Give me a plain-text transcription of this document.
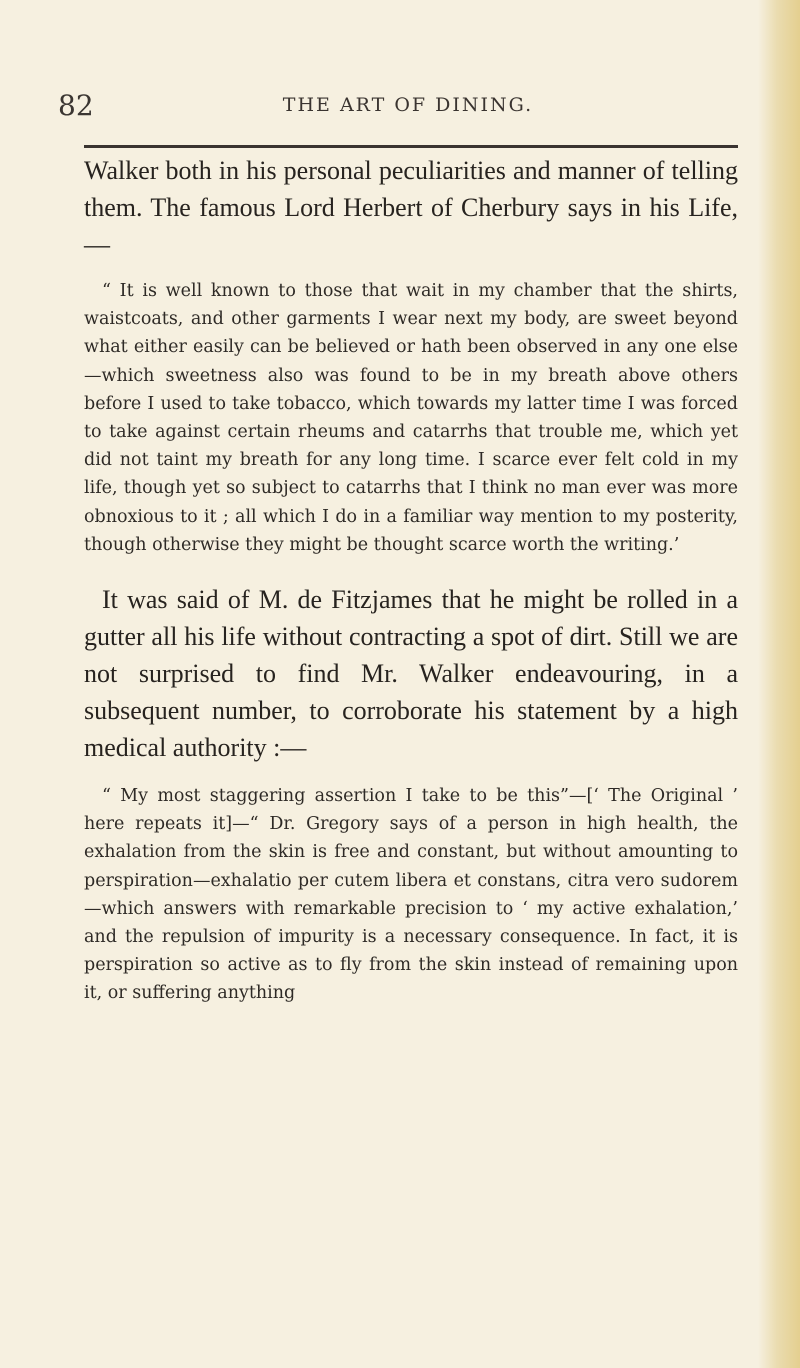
82	THE ART OF DINING.

Walker both in his personal peculiarities and manner of telling them. The famous Lord Herbert of Cherbury says in his Life,—

“ It is well known to those that wait in my chamber that the shirts, waistcoats, and other garments I wear next my body, are sweet beyond what either easily can be believed or hath been observed in any one else—which sweetness also was found to be in my breath above others before I used to take tobacco, which towards my latter time I was forced to take against certain rheums and catarrhs that trouble me, which yet did not taint my breath for any long time. I scarce ever felt cold in my life, though yet so subject to catarrhs that I think no man ever was more obnoxious to it ; all which I do in a familiar way mention to my posterity, though otherwise they might be thought scarce worth the writing.’

It was said of M. de Fitzjames that he might be rolled in a gutter all his life without contracting a spot of dirt. Still we are not surprised to find Mr. Walker endeavouring, in a subsequent number, to corroborate his statement by a high medical authority :—

“ My most staggering assertion I take to be this”—[‘ The Original ’ here repeats it]—“ Dr. Gregory says of a person in high health, the exhalation from the skin is free and constant, but without amounting to perspiration—exhalatio per cutem libera et constans, citra vero sudorem—which answers with remarkable precision to ‘ my active exhalation,’ and the repulsion of impurity is a necessary consequence. In fact, it is perspiration so active as to fly from the skin instead of remaining upon it, or suffering anything
